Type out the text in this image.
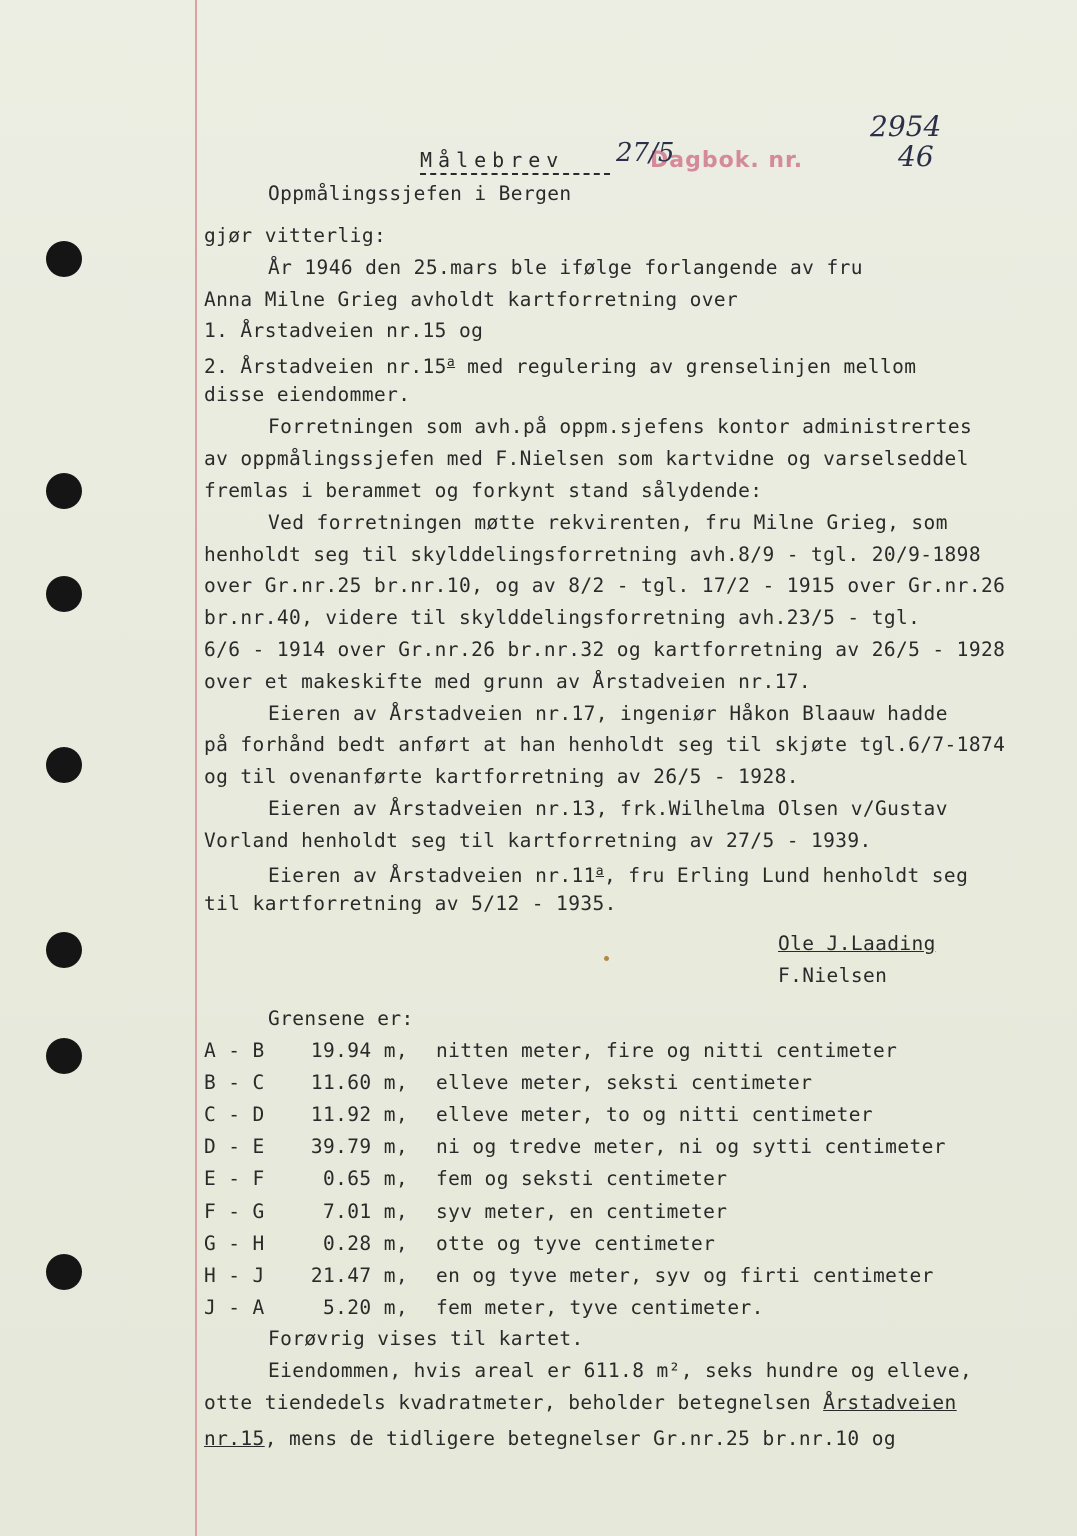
Målebrev	Dagbok. nr.
27/5
2954
46
Oppmålingssjefen i Bergen
gjør vitterlig:
År 1946 den 25.mars ble ifølge forlangende av fru
Anna Milne Grieg avholdt kartforretning over
1. Årstadveien nr.15 og
2. Årstadveien nr.15$^a$ med regulering av grenselinjen mellom
disse eiendommer.
Forretningen som avh.på oppm.sjefens kontor administrertes
av oppmålingssjefen med F.Nielsen som kartvidne og varselseddel
fremlas i berammet og forkynt stand sålydende:
Ved forretningen møtte rekvirenten, fru Milne Grieg, som
henholdt seg til skylddelingsforretning avh.8/9 - tgl. 20/9-1898
over Gr.nr.25 br.nr.10, og av 8/2 - tgl. 17/2 - 1915 over Gr.nr.26
br.nr.40, videre til skylddelingsforretning avh.23/5 - tgl.
6/6 - 1914 over Gr.nr.26 br.nr.32 og kartforretning av 26/5 - 1928
over et makeskifte med grunn av Årstadveien nr.17.
Eieren av Årstadveien nr.17, ingeniør Håkon Blaauw hadde
på forhånd bedt anført at han henholdt seg til skjøte tgl.6/7-1874
og til ovenanførte kartforretning av 26/5 - 1928.
Eieren av Årstadveien nr.13, frk.Wilhelma Olsen v/Gustav
Vorland henholdt seg til kartforretning av 27/5 - 1939.
Eieren av Årstadveien nr.11$^a$, fru Erling Lund henholdt seg
til kartforretning av 5/12 - 1935.
Ole J.Laading
F.Nielsen
Grensene er:
A - B	19.94 m, nitten meter, fire og nitti centimeter
B - C	11.60 m, elleve meter, seksti centimeter
C - D	11.92 m, elleve meter, to og nitti centimeter
D - E	39.79 m, ni og tredve meter, ni og sytti centimeter
E - F	0.65 m, fem og seksti centimeter
F - G	7.01 m, syv meter, en centimeter
G - H	0.28 m, otte og tyve centimeter
H - J	21.47 m, en og tyve meter, syv og firti centimeter
J - A	5.20 m, fem meter, tyve centimeter.
Forøvrig vises til kartet.
Eiendommen, hvis areal er 611.8 m², seks hundre og elleve,
otte tiendedels kvadratmeter, beholder betegnelsen Årstadveien
nr.15, mens de tidligere betegnelser Gr.nr.25 br.nr.10 og
